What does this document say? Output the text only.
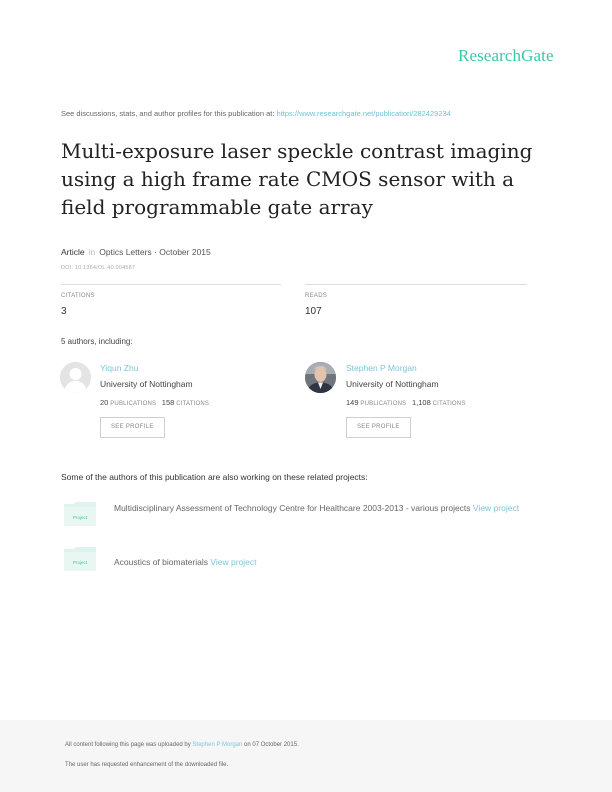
ResearchGate
See discussions, stats, and author profiles for this publication at: https://www.researchgate.net/publication/282429234
Multi-exposure laser speckle contrast imaging using a high frame rate CMOS sensor with a field programmable gate array
Article in Optics Letters · October 2015
DOI: 10.1364/OL.40.004587
CITATIONS
3
READS
107
5 authors, including:
Yiqun Zhu
University of Nottingham
20 PUBLICATIONS 158 CITATIONS
SEE PROFILE
Stephen P Morgan
University of Nottingham
149 PUBLICATIONS 1,108 CITATIONS
SEE PROFILE
Some of the authors of this publication are also working on these related projects:
Project
Multidisciplinary Assessment of Technology Centre for Healthcare 2003-2013 - various projects View project
Project	Acoustics of biomaterials View project
All content following this page was uploaded by Stephen P Morgan on 07 October 2015.
The user has requested enhancement of the downloaded file.
